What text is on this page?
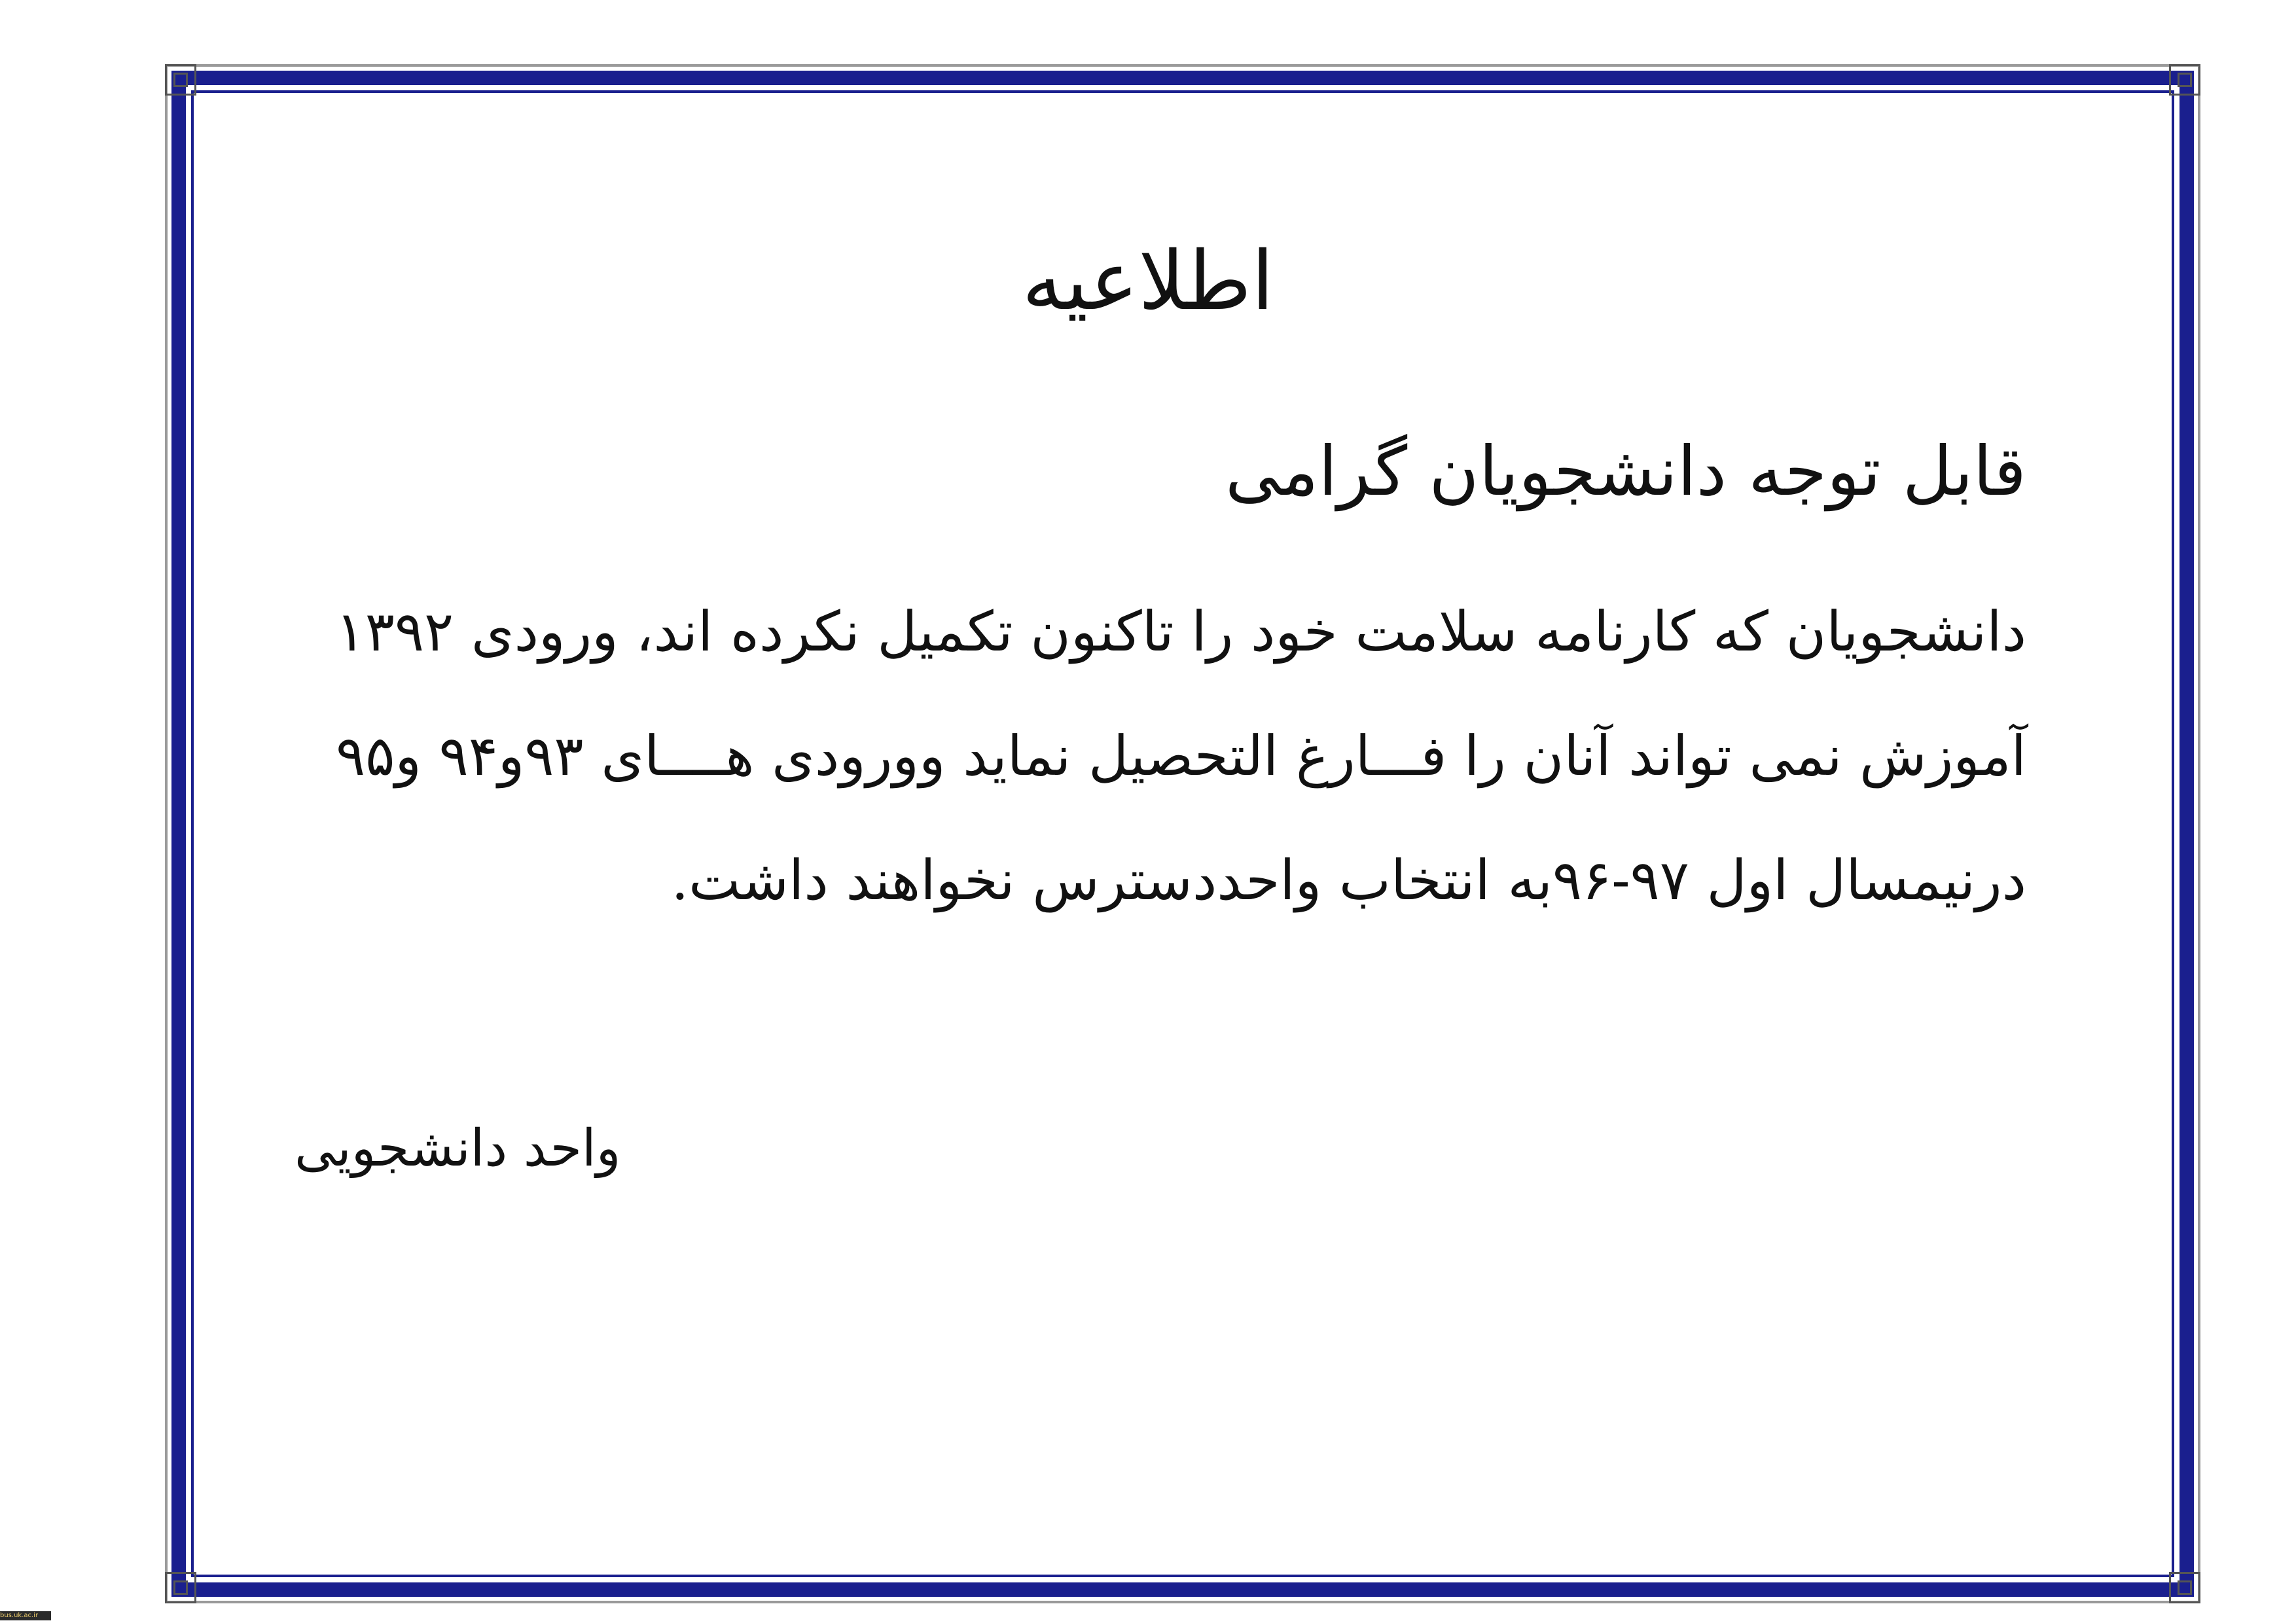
اطلاعیه
قابل توجه دانشجویان گرامی

دانشجویان که کارنامه سلامت خود را تاکنون تکمیل نکرده اند، ورودی ۱۳۹۲
آموزش نمی تواند آنان را فـــارغ التحصیل نماید وورودی هــــای ۹۳و۹۴ و۹۵
درنیمسال اول ۹۷-۹۶به انتخاب واحددسترس نخواهند داشت.

واحد دانشجویی

bus.uk.ac.ir
